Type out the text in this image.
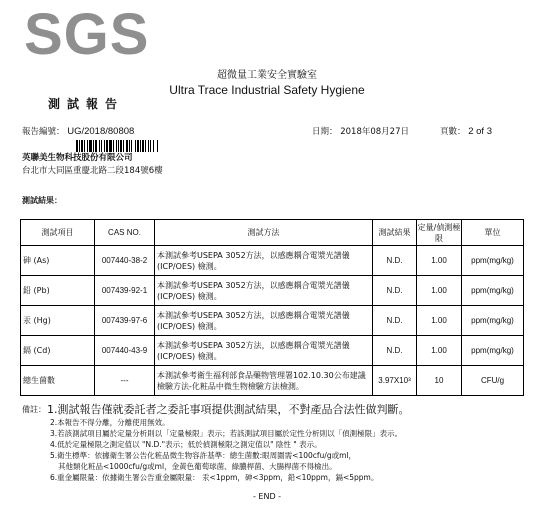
SGS
超微量工業安全實驗室
Ultra Trace Industrial Safety Hygiene
測試報告
報告編號： UG/2018/80808	日期： 2018年08月27日	頁數： 2 of 3
英聯美生物科技股份有限公司
台北市大同區重慶北路二段184號6樓
測試結果：
測試項目	CAS NO.	測試方法	測試結果	定量/偵測極限	單位
砷 (As)	007440-38-2	本測試參考USEPA 3052方法，以感應耦合電漿光譜儀(ICP/OES) 檢測。	N.D.	1.00	ppm(mg/kg)
鉛 (Pb)	007439-92-1	本測試參考USEPA 3052方法，以感應耦合電漿光譜儀(ICP/OES) 檢測。	N.D.	1.00	ppm(mg/kg)
汞 (Hg)	007439-97-6	本測試參考USEPA 3052方法，以感應耦合電漿光譜儀(ICP/OES) 檢測。	N.D.	1.00	ppm(mg/kg)
鎘 (Cd)	007440-43-9	本測試參考USEPA 3052方法，以感應耦合電漿光譜儀(ICP/OES) 檢測。	N.D.	1.00	ppm(mg/kg)
總生菌數	---	本測試參考衛生福利部食品藥物管理署102.10.30公布建議檢驗方法-化粧品中微生物檢驗方法檢測。	3.97X10³	10	CFU/g
備註： 1.測試報告僅就委託者之委託事項提供測試結果，不對產品合法性做判斷。
2.本報告不得分離，分離使用無效。
3.若該測試項目屬於定量分析則以「定量極限」表示；若該測試項目屬於定性分析則以「偵測極限」表示。
4.低於定量極限之測定值以 "N.D."表示；低於偵測極限之測定值以" 陰性 " 表示。
5.衛生標準：依據衛生署公告化粧品微生物容許基準：總生菌數:眼周圍需<100cfu/g或ml，
其他類化粧品<1000cfu/g或ml，金黃色葡萄球菌、綠膿桿菌、大腸桿菌不得檢出。
6.重金屬限量：依據衛生署公告重金屬限量： 汞<1ppm，砷<3ppm，鉛<10ppm，鎘<5ppm。
- END -
